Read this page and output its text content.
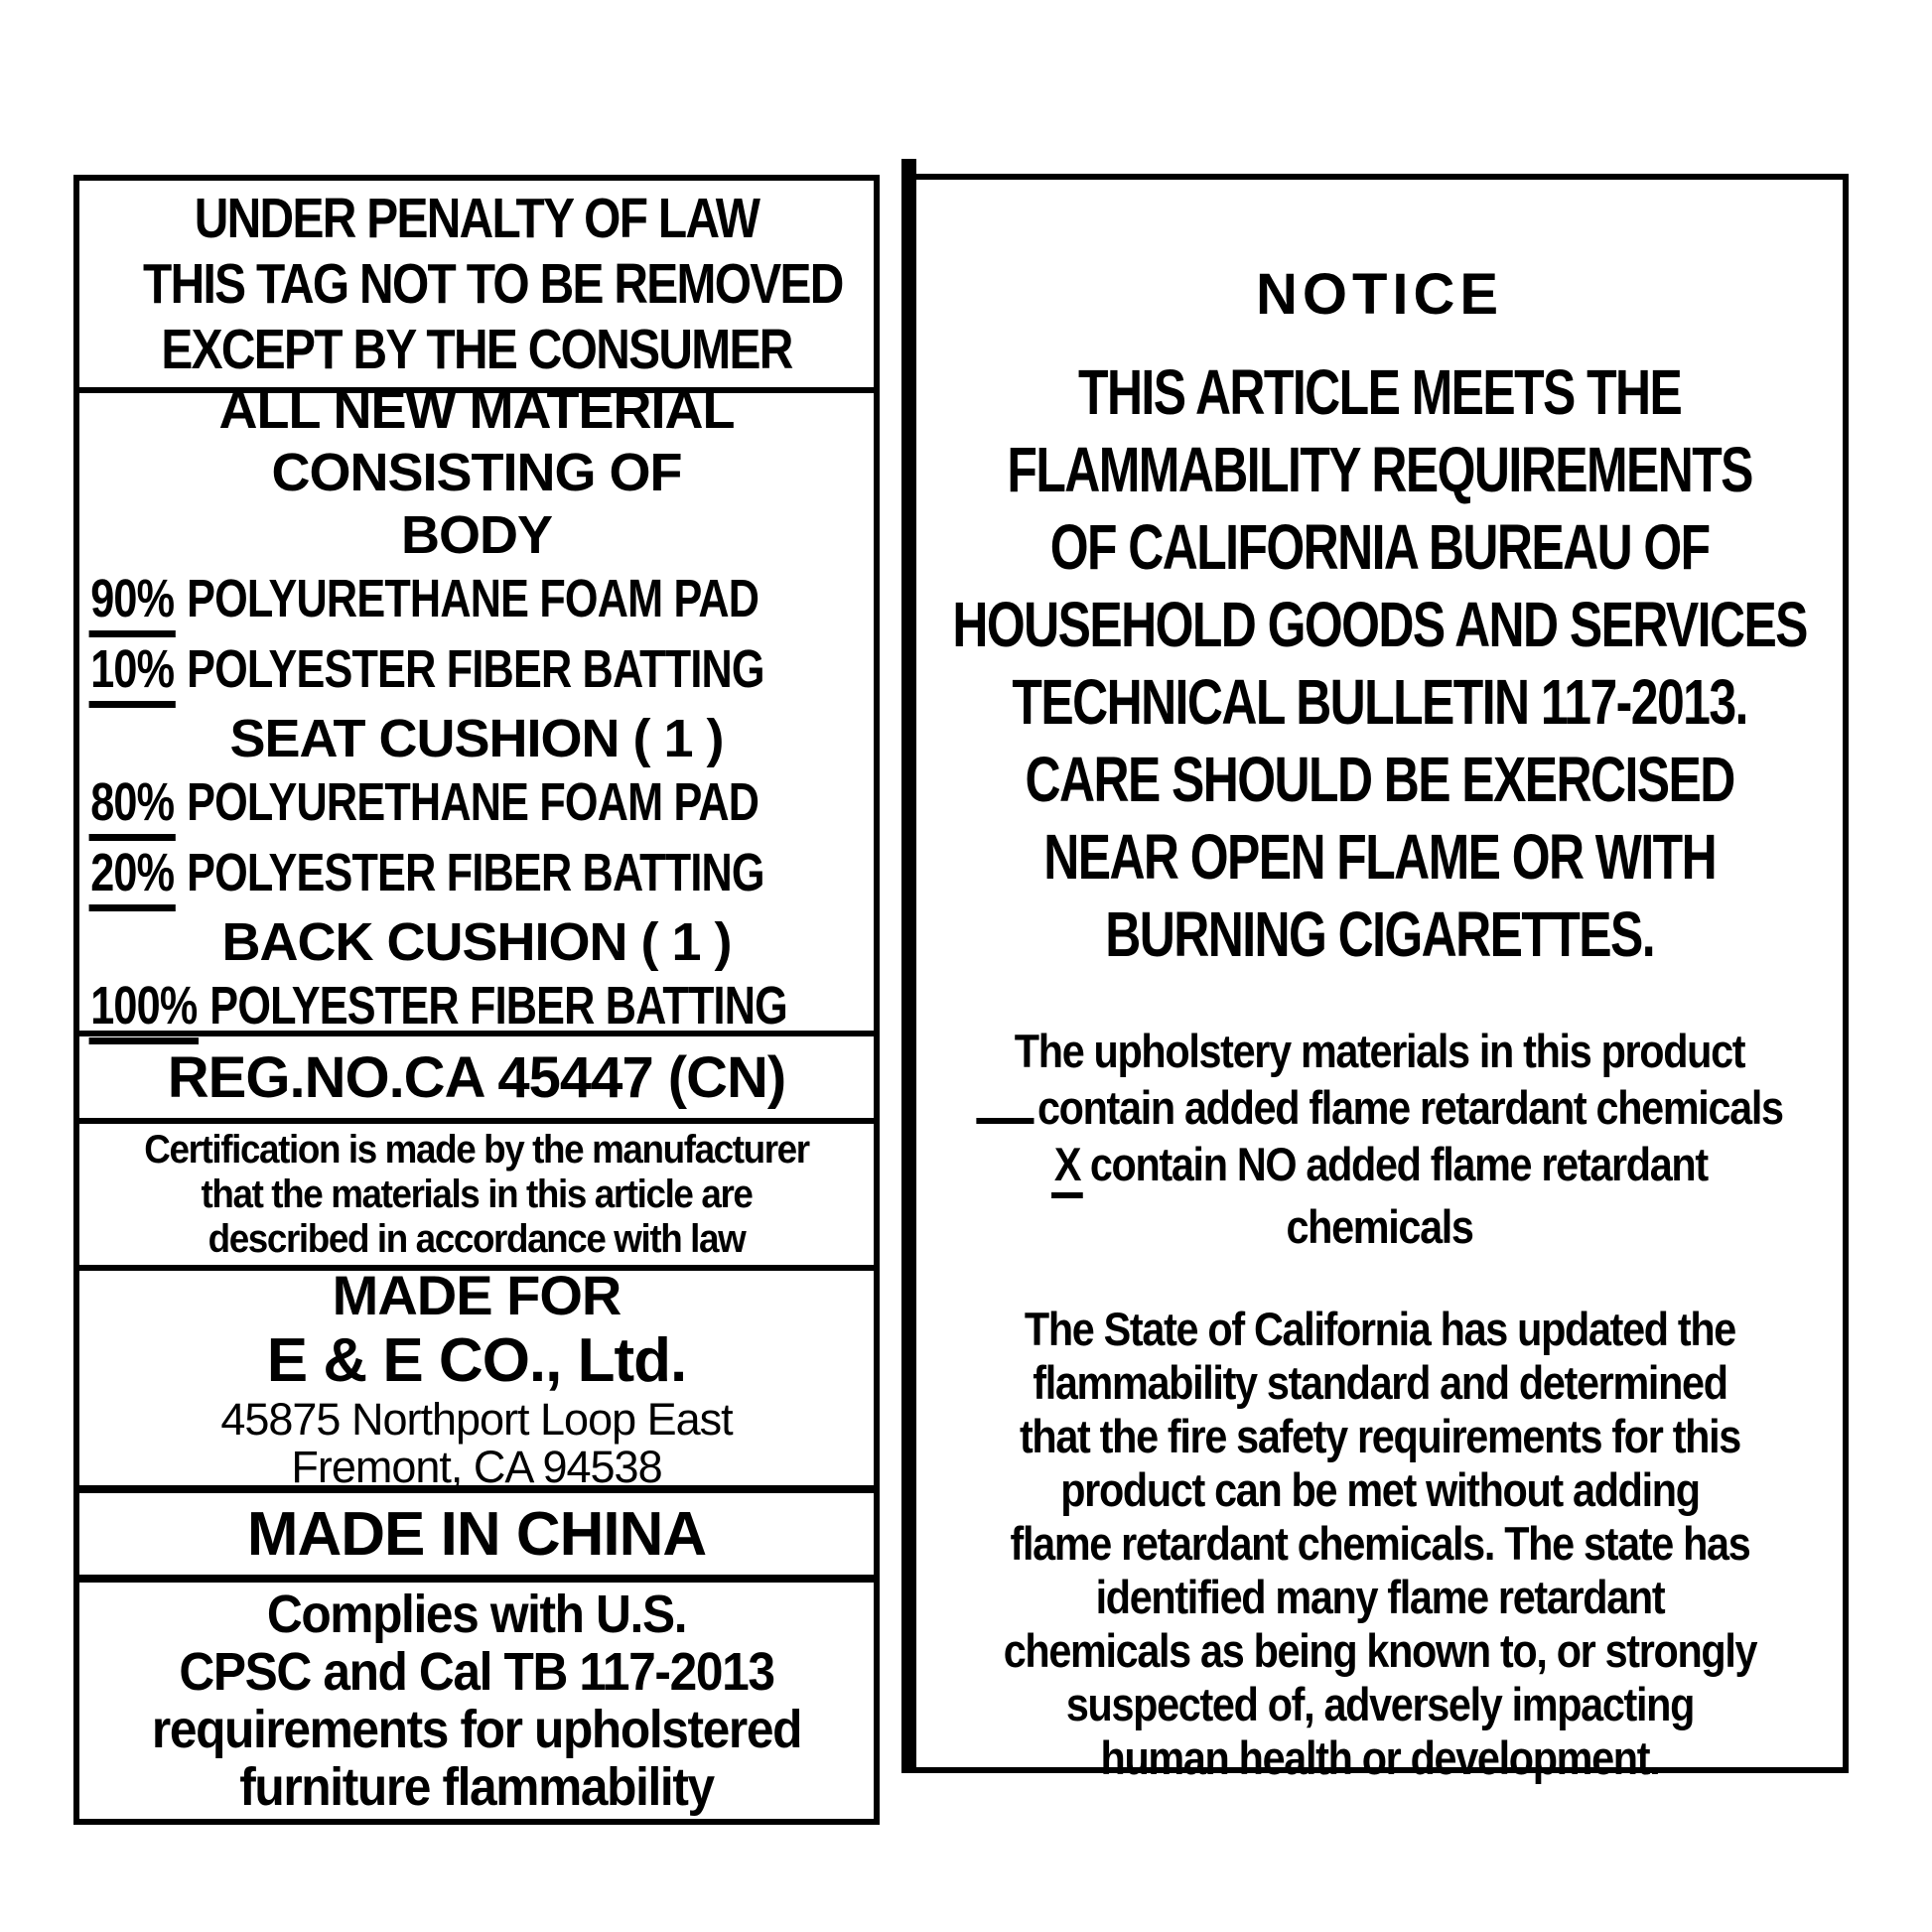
UNDER PENALTY OF LAW
THIS TAG NOT TO BE REMOVED
EXCEPT BY THE CONSUMER
ALL NEW MATERIAL
CONSISTING OF
BODY
90% POLYURETHANE FOAM PAD
10% POLYESTER FIBER BATTING
SEAT CUSHION ( 1 )
80% POLYURETHANE FOAM PAD
20% POLYESTER FIBER BATTING
BACK CUSHION ( 1 )
100% POLYESTER FIBER BATTING
REG.NO.CA 45447 (CN)
Certification is made by the manufacturer
that the materials in this article are
described in accordance with law
MADE FOR
E & E CO., Ltd.
45875 Northport Loop East
Fremont, CA 94538
MADE IN CHINA
Complies with U.S.
CPSC and Cal TB 117-2013
requirements for upholstered
furniture flammability
NOTICE
THIS ARTICLE MEETS THE
FLAMMABILITY REQUIREMENTS
OF CALIFORNIA BUREAU OF
HOUSEHOLD GOODS AND SERVICES
TECHNICAL BULLETIN 117-2013.
CARE SHOULD BE EXERCISED
NEAR OPEN FLAME OR WITH
BURNING CIGARETTES.
The upholstery materials in this product
contain added flame retardant chemicals
X contain NO added flame retardant
chemicals
The State of California has updated the
flammability standard and determined
that the fire safety requirements for this
product can be met without adding
flame retardant chemicals. The state has
identified many flame retardant
chemicals as being known to, or strongly
suspected of, adversely impacting
human health or development.
